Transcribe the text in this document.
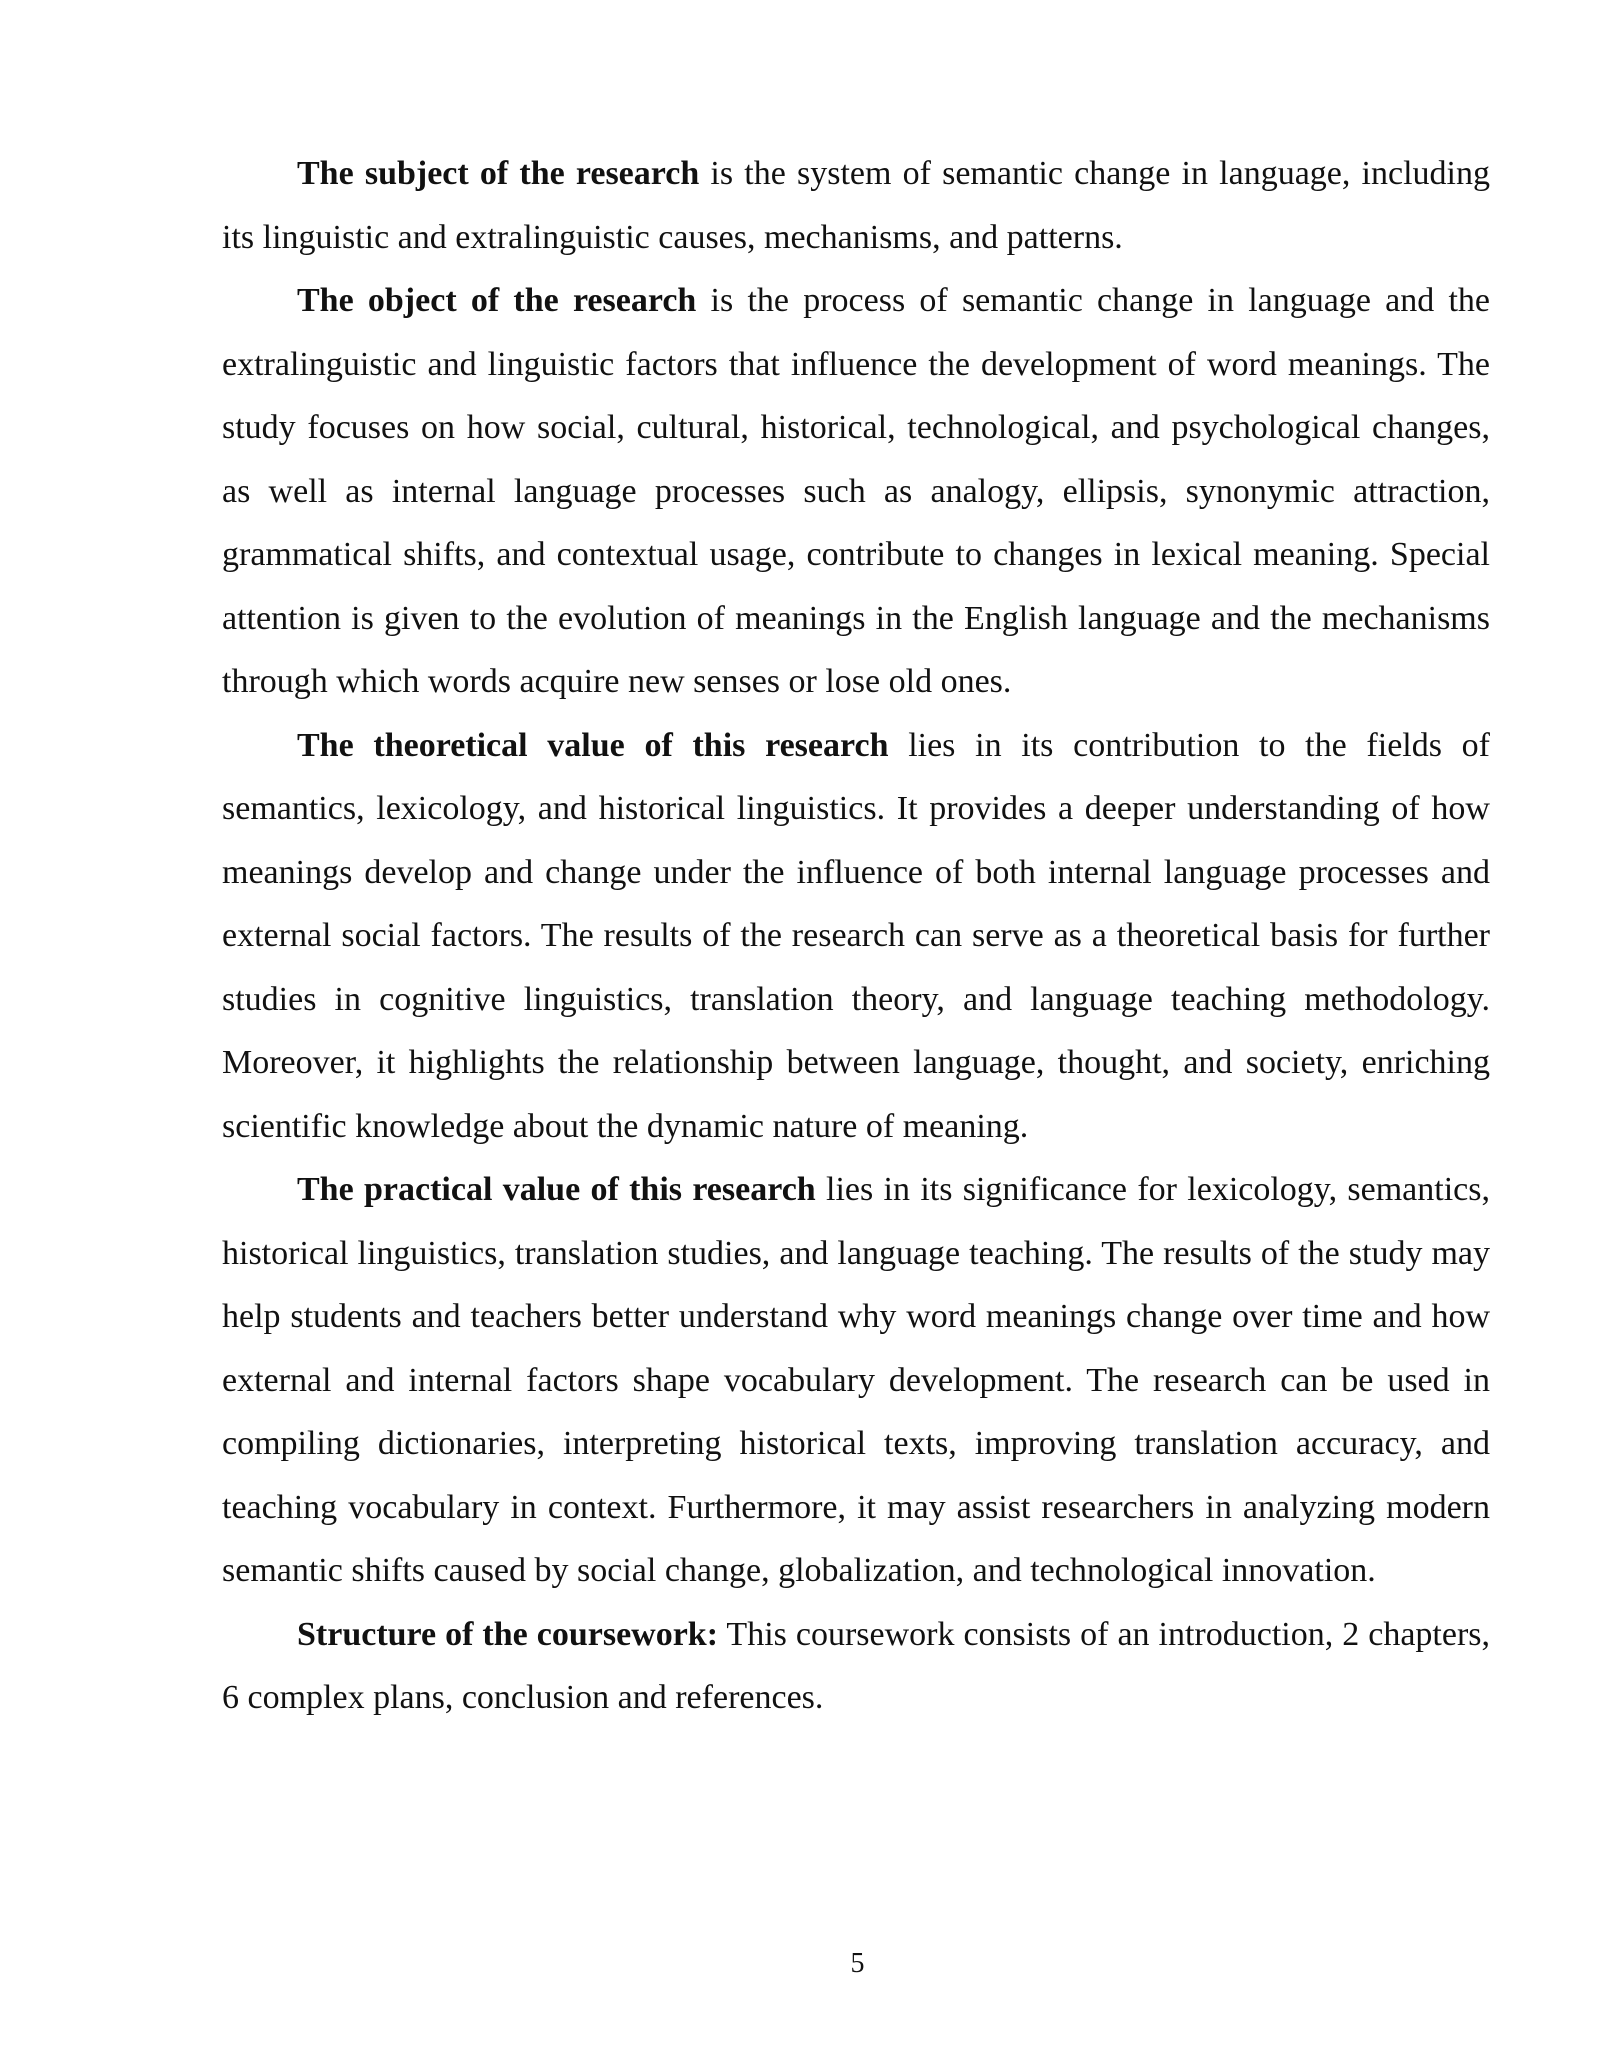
The subject of the research is the system of semantic change in language, including its linguistic and extralinguistic causes, mechanisms, and patterns.

The object of the research is the process of semantic change in language and the extralinguistic and linguistic factors that influence the development of word meanings. The study focuses on how social, cultural, historical, technological, and psychological changes, as well as internal language processes such as analogy, ellipsis, synonymic attraction, grammatical shifts, and contextual usage, contribute to changes in lexical meaning. Special attention is given to the evolution of meanings in the English language and the mechanisms through which words acquire new senses or lose old ones.

The theoretical value of this research lies in its contribution to the fields of semantics, lexicology, and historical linguistics. It provides a deeper understanding of how meanings develop and change under the influence of both internal language processes and external social factors. The results of the research can serve as a theoretical basis for further studies in cognitive linguistics, translation theory, and language teaching methodology. Moreover, it highlights the relationship between language, thought, and society, enriching scientific knowledge about the dynamic nature of meaning.

The practical value of this research lies in its significance for lexicology, semantics, historical linguistics, translation studies, and language teaching. The results of the study may help students and teachers better understand why word meanings change over time and how external and internal factors shape vocabulary development. The research can be used in compiling dictionaries, interpreting historical texts, improving translation accuracy, and teaching vocabulary in context. Furthermore, it may assist researchers in analyzing modern semantic shifts caused by social change, globalization, and technological innovation.

Structure of the coursework: This coursework consists of an introduction, 2 chapters, 6 complex plans, conclusion and references.

5
